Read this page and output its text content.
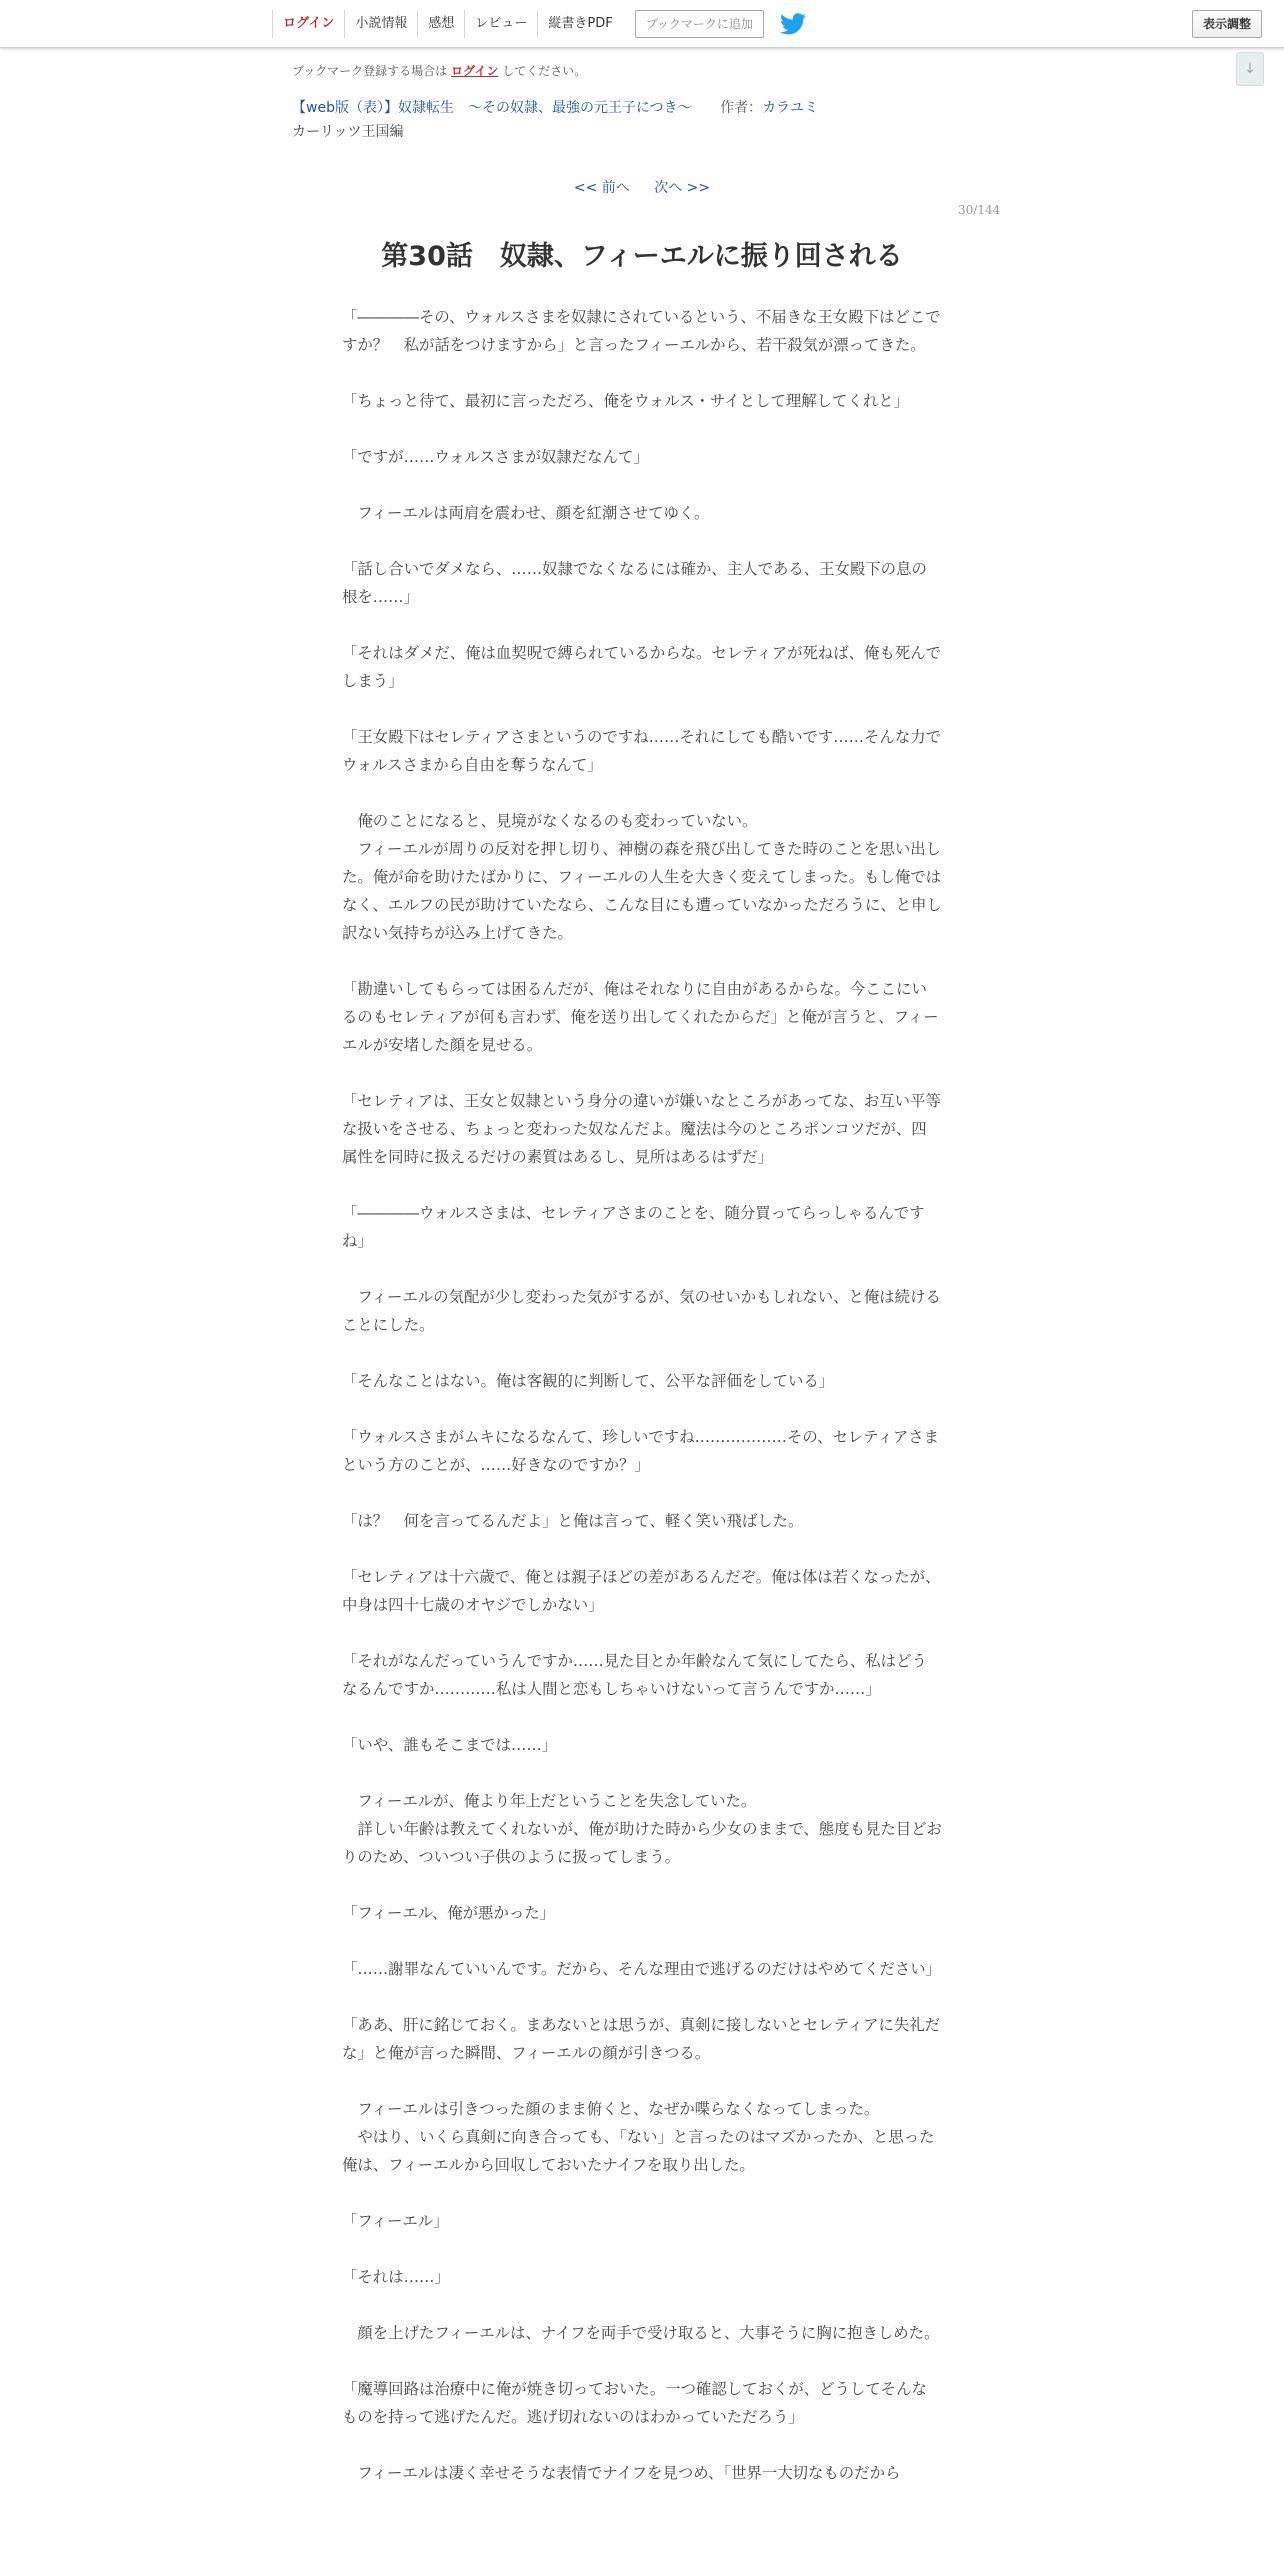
ログイン	小説情報	感想	レビュー	縦書きPDF	ブックマークに追加	表示調整
↓
ブックマーク登録する場合は ログイン してください。
【web版（表）】奴隷転生　～その奴隷、最強の元王子につき～ 作者：カラユミ
カーリッツ王国編
<< 前へ 次へ >>
30/144
第30話　奴隷、フィーエルに振り回される

「――――その、ウォルスさまを奴隷にされているという、不届きな王女殿下はどこですか？　私が話をつけますから」と言ったフィーエルから、若干殺気が漂ってきた。

「ちょっと待て、最初に言っただろ、俺をウォルス・サイとして理解してくれと」

「ですが……ウォルスさまが奴隷だなんて」

　フィーエルは両肩を震わせ、顔を紅潮させてゆく。

「話し合いでダメなら、……奴隷でなくなるには確か、主人である、王女殿下の息の根を……」

「それはダメだ、俺は血契呪で縛られているからな。セレティアが死ねば、俺も死んでしまう」

「王女殿下はセレティアさまというのですね……それにしても酷いです……そんな力でウォルスさまから自由を奪うなんて」

　俺のことになると、見境がなくなるのも変わっていない。
　フィーエルが周りの反対を押し切り、神樹の森を飛び出してきた時のことを思い出した。俺が命を助けたばかりに、フィーエルの人生を大きく変えてしまった。もし俺ではなく、エルフの民が助けていたなら、こんな目にも遭っていなかっただろうに、と申し訳ない気持ちが込み上げてきた。

「勘違いしてもらっては困るんだが、俺はそれなりに自由があるからな。今ここにいるのもセレティアが何も言わず、俺を送り出してくれたからだ」と俺が言うと、フィーエルが安堵した顔を見せる。

「セレティアは、王女と奴隷という身分の違いが嫌いなところがあってな、お互い平等な扱いをさせる、ちょっと変わった奴なんだよ。魔法は今のところポンコツだが、四属性を同時に扱えるだけの素質はあるし、見所はあるはずだ」

「――――ウォルスさまは、セレティアさまのことを、随分買ってらっしゃるんですね」

　フィーエルの気配が少し変わった気がするが、気のせいかもしれない、と俺は続けることにした。

「そんなことはない。俺は客観的に判断して、公平な評価をしている」

「ウォルスさまがムキになるなんて、珍しいですね………………その、セレティアさまという方のことが、……好きなのですか？」

「は？　何を言ってるんだよ」と俺は言って、軽く笑い飛ばした。

「セレティアは十六歳で、俺とは親子ほどの差があるんだぞ。俺は体は若くなったが、中身は四十七歳のオヤジでしかない」

「それがなんだっていうんですか……見た目とか年齢なんて気にしてたら、私はどうなるんですか…………私は人間と恋もしちゃいけないって言うんですか……」

「いや、誰もそこまでは……」

　フィーエルが、俺より年上だということを失念していた。
　詳しい年齢は教えてくれないが、俺が助けた時から少女のままで、態度も見た目どおりのため、ついつい子供のように扱ってしまう。

「フィーエル、俺が悪かった」

「……謝罪なんていいんです。だから、そんな理由で逃げるのだけはやめてください」

「ああ、肝に銘じておく。まあないとは思うが、真剣に接しないとセレティアに失礼だな」と俺が言った瞬間、フィーエルの顔が引きつる。

　フィーエルは引きつった顔のまま俯くと、なぜか喋らなくなってしまった。
　やはり、いくら真剣に向き合っても、「ない」と言ったのはマズかったか、と思った俺は、フィーエルから回収しておいたナイフを取り出した。

「フィーエル」

「それは……」

　顔を上げたフィーエルは、ナイフを両手で受け取ると、大事そうに胸に抱きしめた。

「魔導回路は治療中に俺が焼き切っておいた。一つ確認しておくが、どうしてそんなものを持って逃げたんだ。逃げ切れないのはわかっていただろう」

　フィーエルは凄く幸せそうな表情でナイフを見つめ、「世界一大切なものだから
